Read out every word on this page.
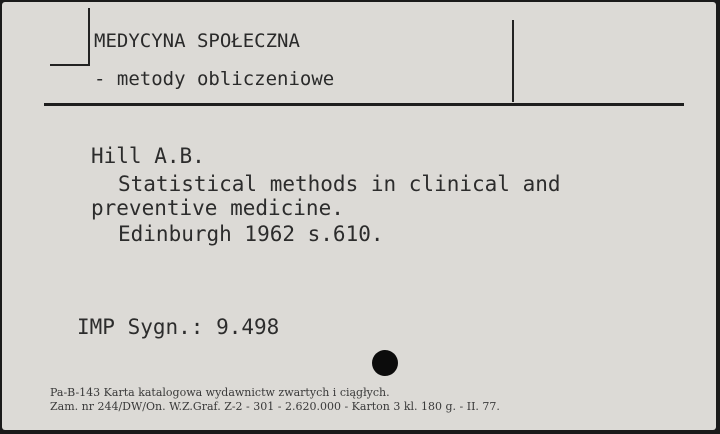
MEDYCYNA SPOŁECZNA
- metody obliczeniowe
Hill A.B.
Statistical methods in clinical and
preventive medicine.
Edinburgh 1962 s.610.
IMP Sygn.: 9.498
Pa-B-143 Karta katalogowa wydawnictw zwartych i ciągłych.
Zam. nr 244/DW/On. W.Z.Graf. Z-2 - 301 - 2.620.000 - Karton 3 kl. 180 g. - II. 77.
